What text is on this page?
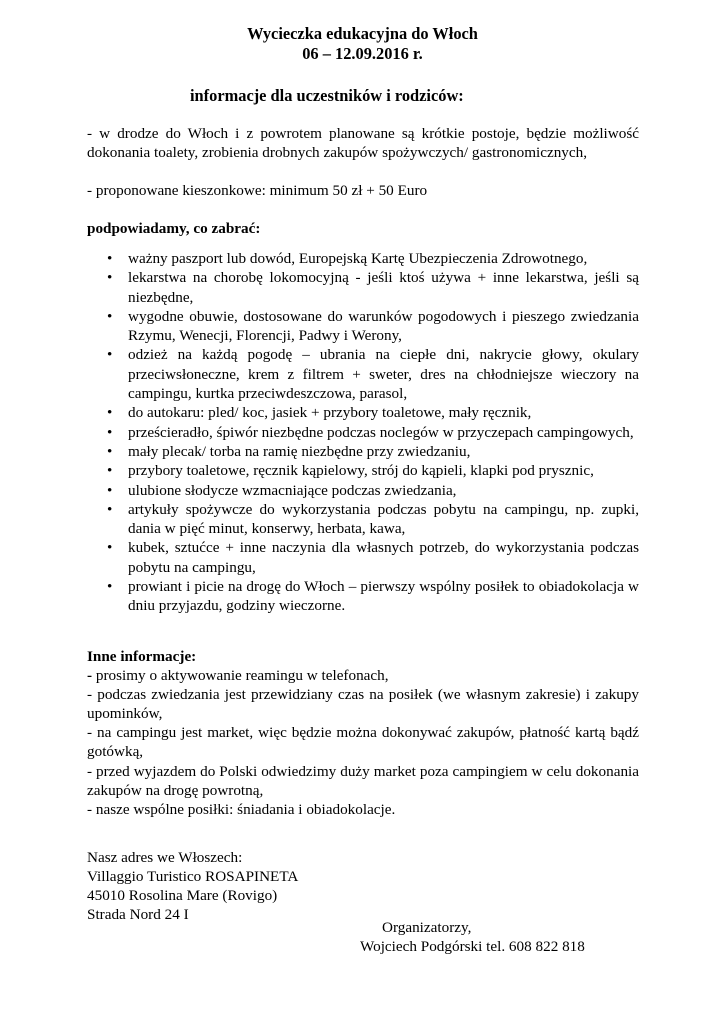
Wycieczka edukacyjna do Włoch
06 – 12.09.2016 r.
informacje dla uczestników i rodziców:
- w drodze do Włoch i z powrotem planowane są krótkie postoje, będzie możliwość dokonania toalety, zrobienia drobnych zakupów spożywczych/ gastronomicznych,
- proponowane kieszonkowe: minimum 50 zł + 50 Euro
podpowiadamy, co zabrać:
• ważny paszport lub dowód, Europejską Kartę Ubezpieczenia Zdrowotnego,
• lekarstwa na chorobę lokomocyjną - jeśli ktoś używa + inne lekarstwa, jeśli są niezbędne,
• wygodne obuwie, dostosowane do warunków pogodowych i pieszego zwiedzania Rzymu, Wenecji, Florencji, Padwy i Werony,
• odzież na każdą pogodę – ubrania na ciepłe dni, nakrycie głowy, okulary przeciwsłoneczne, krem z filtrem + sweter, dres na chłodniejsze wieczory na campingu, kurtka przeciwdeszczowa, parasol,
• do autokaru: pled/ koc, jasiek + przybory toaletowe, mały ręcznik,
• prześcieradło, śpiwór niezbędne podczas noclegów w przyczepach campingowych,
• mały plecak/ torba na ramię niezbędne przy zwiedzaniu,
• przybory toaletowe, ręcznik kąpielowy, strój do kąpieli, klapki pod prysznic,
• ulubione słodycze wzmacniające podczas zwiedzania,
• artykuły spożywcze do wykorzystania podczas pobytu na campingu, np. zupki, dania w pięć minut, konserwy, herbata, kawa,
• kubek, sztućce + inne naczynia dla własnych potrzeb, do wykorzystania podczas pobytu na campingu,
• prowiant i picie na drogę do Włoch – pierwszy wspólny posiłek to obiadokolacja w dniu przyjazdu, godziny wieczorne.
Inne informacje:
- prosimy o aktywowanie reamingu w telefonach,
- podczas zwiedzania jest przewidziany czas na posiłek (we własnym zakresie) i zakupy upominków,
- na campingu jest market, więc będzie można dokonywać zakupów, płatność kartą bądź gotówką,
- przed wyjazdem do Polski odwiedzimy duży market poza campingiem w celu dokonania zakupów na drogę powrotną,
- nasze wspólne posiłki: śniadania i obiadokolacje.
Nasz adres we Włoszech:
Villaggio Turistico ROSAPINETA
45010 Rosolina Mare (Rovigo)
Strada Nord 24 I
Organizatorzy,
Wojciech Podgórski tel. 608 822 818
